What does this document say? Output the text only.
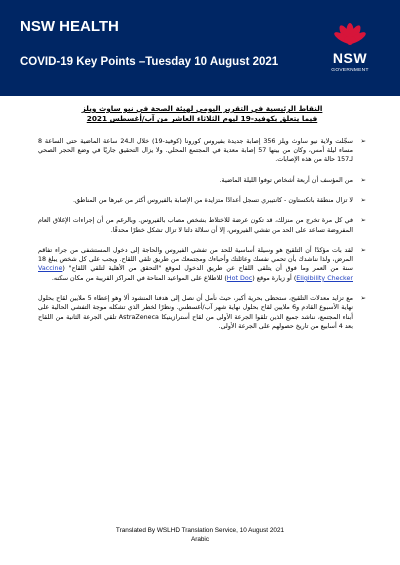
NSW HEALTH
COVID-19 Key Points –Tuesday 10 August 2021	NSW
GOVERNMENT
النقاط الرئيسية في التقرير اليومي لهيئة الصحة في نيو ساوث ويلز
فيما يتعلق بكوفيد-19 ليوم الثلاثاء العاشر من آب/أغسطس 2021
➢
سجّلت ولاية نيو ساوث ويلز 356 إصابة جديدة بفيروس كورونا (كوفيد-19) خلال الـ24 ساعة الماضية حتى الساعة 8 مساء ليلة أمس، وكان من بينها 57 إصابة معدية في المجتمع المحلي. ولا يزال التحقيق جاريًا في وضع الحجر الصحي لـ157 حالة من هذه الإصابات.
➢
من المؤسف أن أربعة أشخاص توفوا الليلة الماضية.
➢
لا تزال منطقة بانكستاون - كانتيبري تسجل أعدادًا متزايدة من الإصابة بالفيروس أكثر من غيرها من المناطق.
➢
في كل مرة تخرج من منزلك، قد تكون عرضة للاختلاط بشخص مصاب بالفيروس. وبالرغم من أن إجراءات الإغلاق العام المفروضة تساعد على الحد من تفشي الفيروس، إلا أن سلالة دلتا لا تزال تشكل خطرًا محدقًا.
➢
لقد بات مؤكدًا أن التلقيح هو وسيلة أساسية للحد من تفشي الفيروس والحاجة إلى دخول المستشفى من جراء تفاقم المرض، ولذا نناشدك بأن تحمي نفسك وعائلتك وأحباءك ومجتمعك من طريق تلقي اللقاح. ويجب على كل شخص يبلغ 18 سنة من العمر وما فوق أن يتلقى اللقاح عن طريق الدخول لموقع "التحقق من الأهلية لتلقي اللقاح" (Vaccine Eligibility Checker) أو زيارة موقع (Hot Doc) للاطلاع على المواعيد المتاحة في المراكز القريبة من مكان سكنه.
➢
مع تزايد معدلات التلقيح، ستحظى بحرية أكبر، حيث نأمل أن نصل إلى هدفنا المنشود ألا وهو إعطاء 5 ملايين لقاح بحلول نهاية الأسبوع القادم و6 ملايين لقاح بحلول نهاية شهر آب/أغسطس. ونظرًا لخطر الذي تشكله موجة التفشي الحالية على أبناء المجتمع، نناشد جميع الذين تلقوا الجرعة الأولى من لقاح أسترازينيكا AstraZeneca تلقي الجرعة الثانية من اللقاح بعد 4 أسابيع من تاريخ حصولهم على الجرعة الأولى.
Translated By WSLHD Translation Service, 10 August 2021
Arabic
